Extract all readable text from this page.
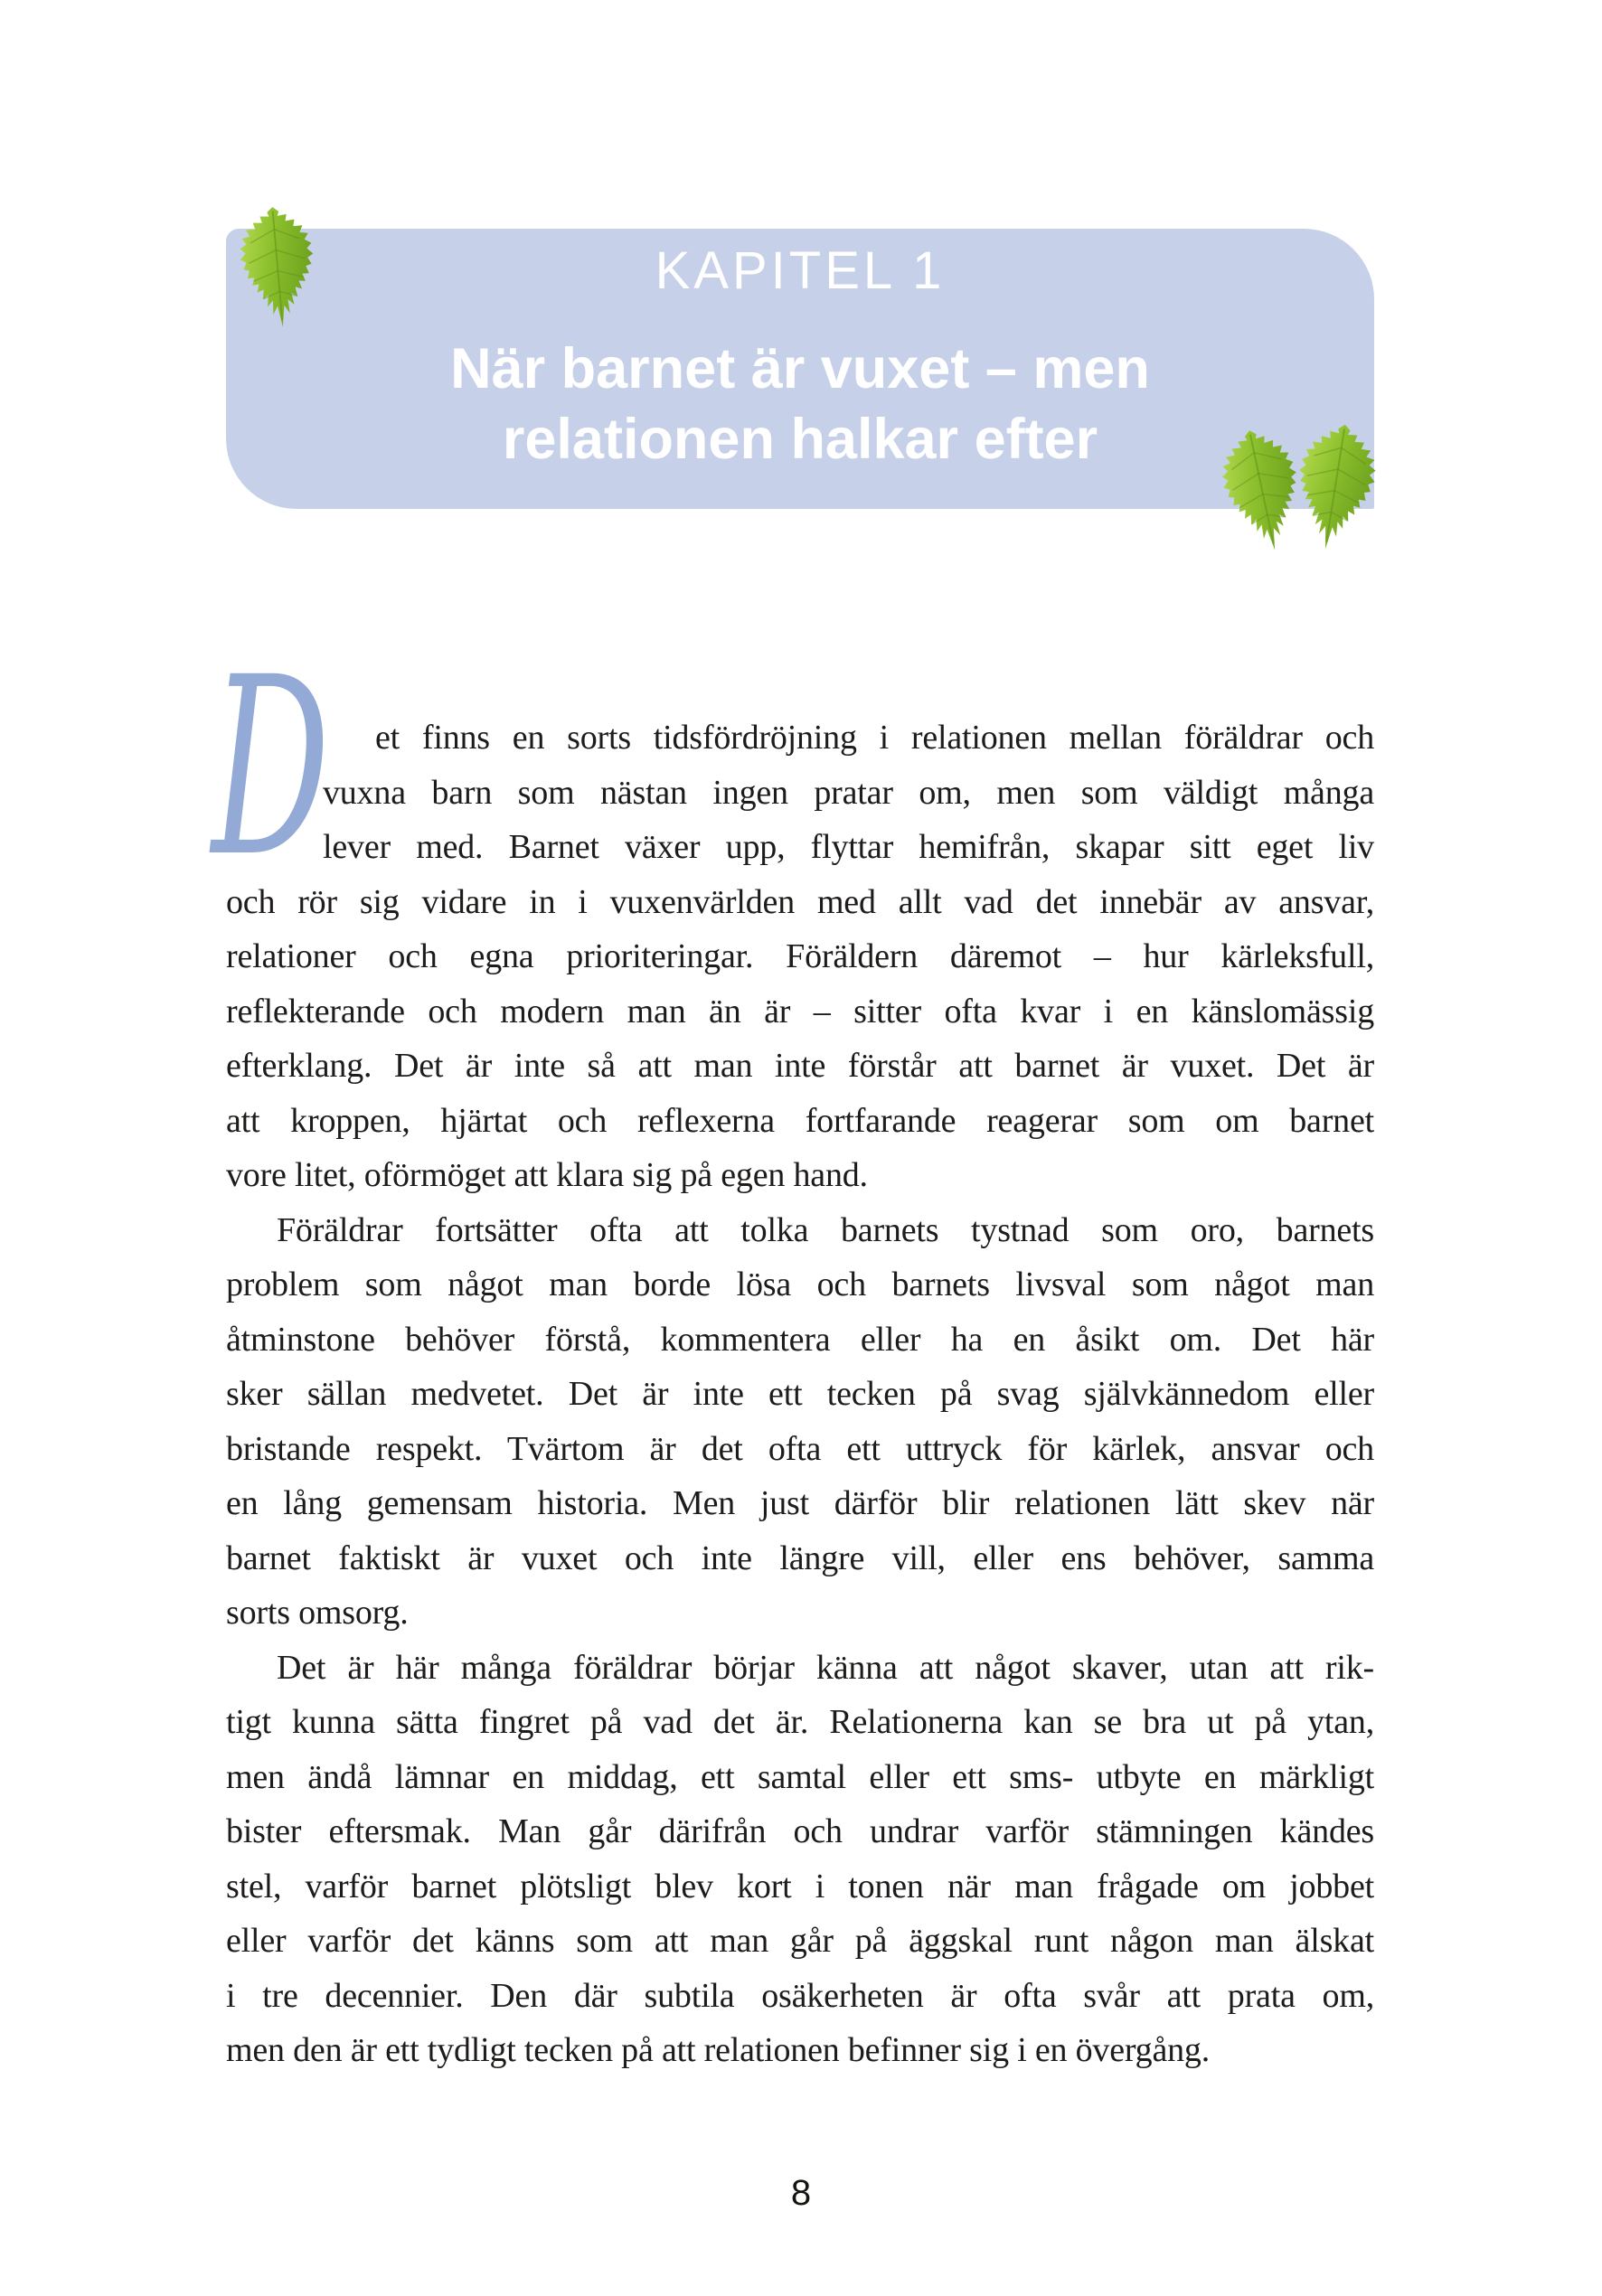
KAPITEL 1
När barnet är vuxet – men
relationen halkar efter
D	et finns en sorts tidsfördröjning i relationen mellan föräldrar och
vuxna barn som nästan ingen pratar om, men som väldigt många
lever med. Barnet växer upp, flyttar hemifrån, skapar sitt eget liv
och rör sig vidare in i vuxenvärlden med allt vad det innebär av ansvar,
relationer och egna prioriteringar. Föräldern däremot – hur kärleksfull,
reflekterande och modern man än är – sitter ofta kvar i en känslomässig
efterklang. Det är inte så att man inte förstår att barnet är vuxet. Det är
att kroppen, hjärtat och reflexerna fortfarande reagerar som om barnet
vore litet, oförmöget att klara sig på egen hand.
Föräldrar fortsätter ofta att tolka barnets tystnad som oro, barnets
problem som något man borde lösa och barnets livsval som något man
åtminstone behöver förstå, kommentera eller ha en åsikt om. Det här
sker sällan medvetet. Det är inte ett tecken på svag självkännedom eller
bristande respekt. Tvärtom är det ofta ett uttryck för kärlek, ansvar och
en lång gemensam historia. Men just därför blir relationen lätt skev när
barnet faktiskt är vuxet och inte längre vill, eller ens behöver, samma
sorts omsorg.
Det är här många föräldrar börjar känna att något skaver, utan att rik-
tigt kunna sätta fingret på vad det är. Relationerna kan se bra ut på ytan,
men ändå lämnar en middag, ett samtal eller ett sms- utbyte en märkligt
bister eftersmak. Man går därifrån och undrar varför stämningen kändes
stel, varför barnet plötsligt blev kort i tonen när man frågade om jobbet
eller varför det känns som att man går på äggskal runt någon man älskat
i tre decennier. Den där subtila osäkerheten är ofta svår att prata om,
men den är ett tydligt tecken på att relationen befinner sig i en övergång.
8
